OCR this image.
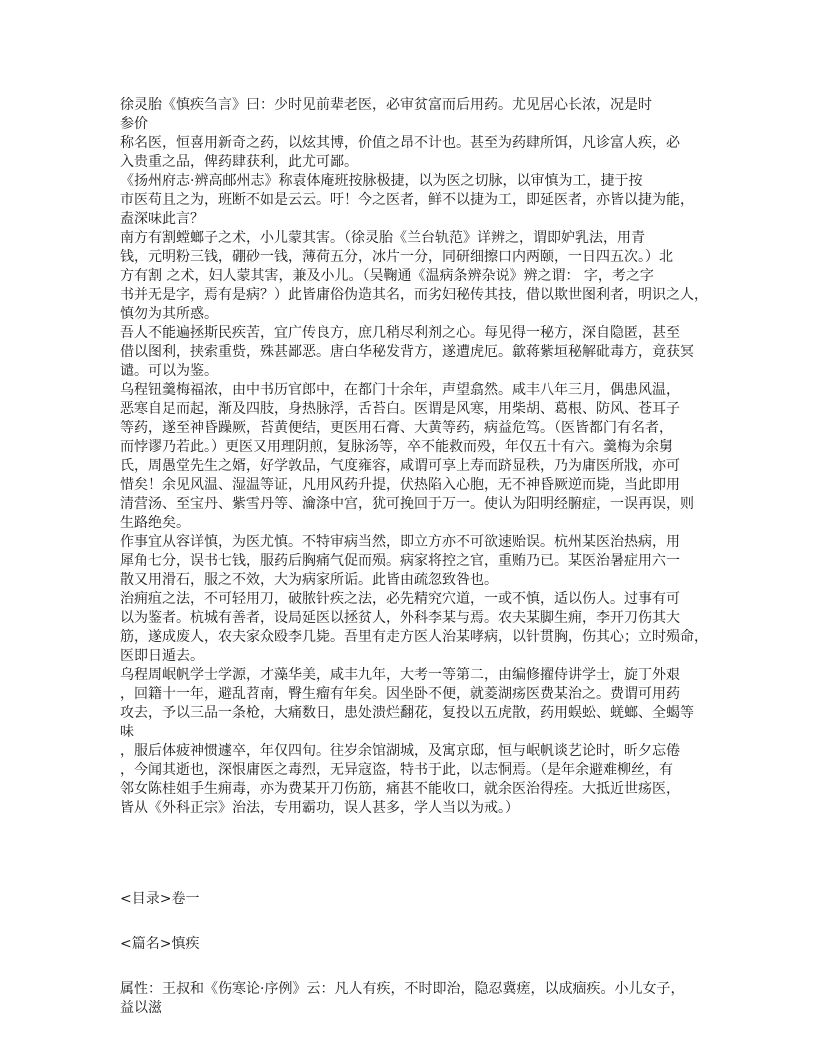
徐灵胎《慎疾刍言》曰：少时见前辈老医，必审贫富而后用药。尤见居心长浓，况是时
参价
称名医，恒喜用新奇之药，以炫其博，价值之昂不计也。甚至为药肆所饵，凡诊富人疾，必
入贵重之品，俾药肆获利，此尤可鄙。
《扬州府志·辨高邮州志》称袁体庵班按脉极捷，以为医之切脉，以审慎为工，捷于按
市医苟且之为，班断不如是云云。吁！今之医者，鲜不以捷为工，即延医者，亦皆以捷为能，
盍深味此言？
南方有割螳螂子之术，小儿蒙其害。（徐灵胎《兰台轨范》详辨之，谓即妒乳法，用青
钱，元明粉三钱，硼砂一钱，薄荷五分，冰片一分，同研细擦口内两颐，一日四五次。）北
方有割 之术，妇人蒙其害，兼及小儿。（吴鞠通《温病条辨杂说》辨之谓： 字，考之字
书并无是字，焉有是病？）此皆庸俗伪造其名，而劣妇秘传其技，借以欺世图利者，明识之人，
慎勿为其所惑。
吾人不能遍拯斯民疾苦，宜广传良方，庶几稍尽利剂之心。每见得一秘方，深自隐匿，甚至
借以图利，挟索重赀，殊甚鄙恶。唐白华秘发背方，遂遭虎厄。歙蒋紫垣秘解砒毒方，竟获冥
谴。可以为鉴。
乌程钮羹梅福浓，由中书历官郎中，在都门十余年，声望翕然。咸丰八年三月，偶患风温，
恶寒自足而起，渐及四肢，身热脉浮，舌苔白。医谓是风寒，用柴胡、葛根、防风、苍耳子
等药，遂至神昏躁厥，苔黄便结，更医用石膏、大黄等药，病益危笃。（医皆都门有名者，
而悖谬乃若此。）更医又用理阴煎，复脉汤等，卒不能救而殁，年仅五十有六。羹梅为余舅
氏，周愚堂先生之婿，好学敦品，气度雍容，咸谓可享上寿而跻显秩，乃为庸医所戕，亦可
惜矣！余见风温、湿温等证，凡用风药升提，伏热陷入心胞，无不神昏厥逆而毙，当此即用
清营汤、至宝丹、紫雪丹等、瀹涤中宫，犹可挽回于万一。使认为阳明经腑症，一误再误，则
生路绝矣。
作事宜从容详慎，为医尤慎。不特审病当然，即立方亦不可欲速贻误。杭州某医治热病，用
犀角七分，误书七钱，服药后胸痛气促而殒。病家将控之官，重贿乃已。某医治暑症用六一
散又用滑石，服之不效，大为病家所诟。此皆由疏忽致咎也。
治痈疽之法，不可轻用刀，破脓针疾之法，必先精究穴道，一或不慎，适以伤人。过事有可
以为鉴者。杭城有善者，设局延医以拯贫人，外科李某与焉。农夫某脚生痈，李开刀伤其大
筋，遂成废人，农夫家众殴李几毙。吾里有走方医人治某哮病，以针贯胸，伤其心；立时殒命，
医即日遁去。
乌程周岷帆学士学源，才藻华美，咸丰九年，大考一等第二，由编修擢侍讲学士，旋丁外艰
，回籍十一年，避乱苕南，臀生瘤有年矣。因坐卧不便，就菱湖疡医费某治之。费谓可用药
攻去，予以三品一条枪，大痛数日，患处溃烂翻花，复投以五虎散，药用蜈蚣、蜣螂、全蝎等
味
，服后体疲神惯遽卒，年仅四旬。往岁余馆湖城，及寓京邸，恒与岷帆谈艺论时，昕夕忘倦
，今闻其逝也，深恨庸医之毒烈，无异寇盗，特书于此，以志恫焉。（是年余避难柳丝，有
邻女陈桂姐手生痈毒，亦为费某开刀伤筋，痛甚不能收口，就余医治得痊。大抵近世疡医，
皆从《外科正宗》治法，专用霸功，误人甚多，学人当以为戒。）
<目录>卷一
<篇名>慎疾
属性：王叔和《伤寒论·序例》云：凡人有疾，不时即治，隐忍冀瘥，以成痼疾。小儿女子，
益以滋
